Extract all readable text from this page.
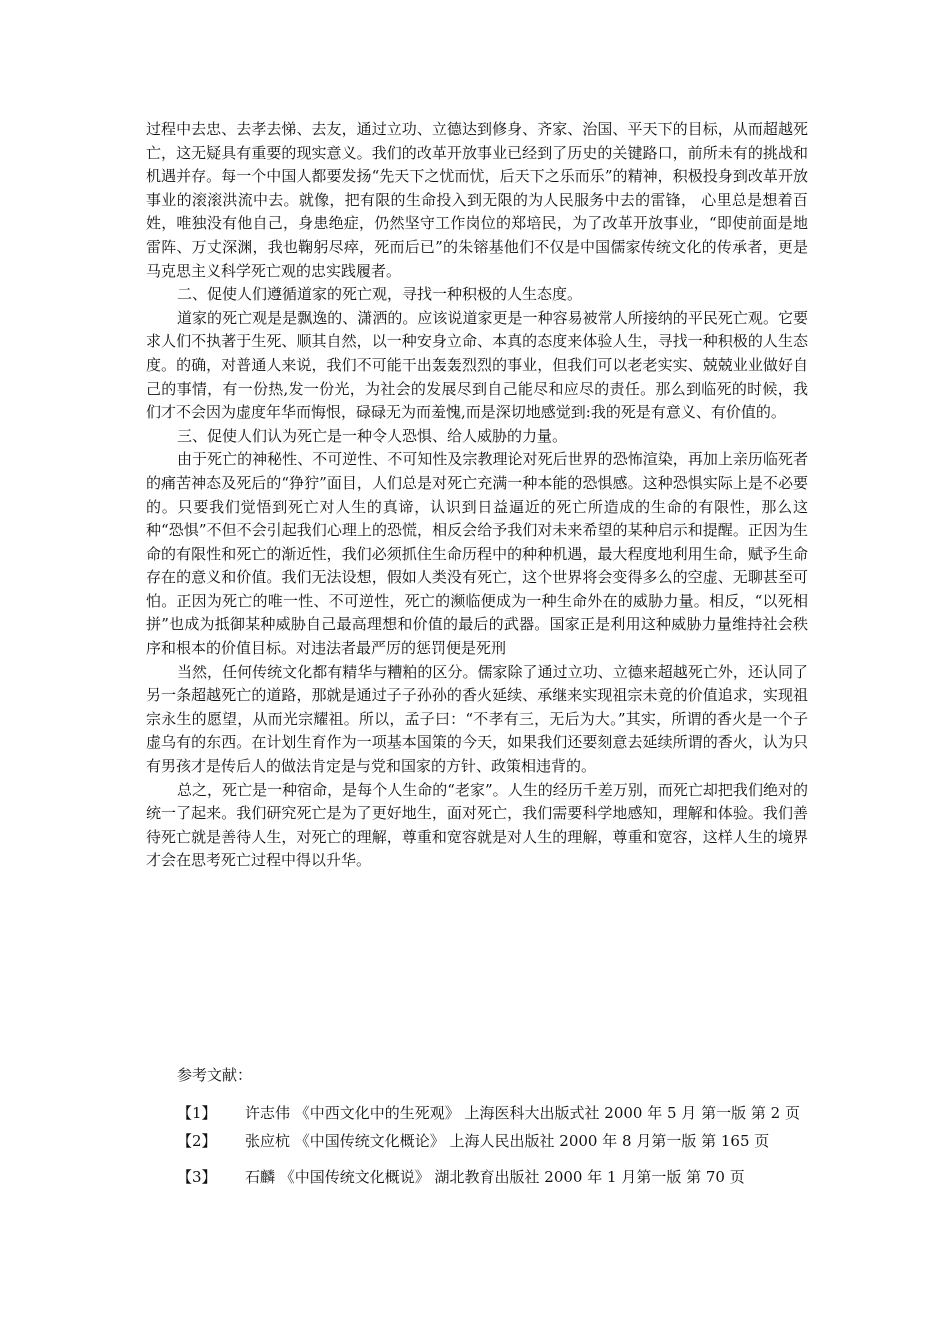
过程中去忠、去孝去悌、去友，通过立功、立德达到修身、齐家、治国、平天下的目标，从而超越死亡，这无疑具有重要的现实意义。我们的改革开放事业已经到了历史的关键路口，前所未有的挑战和机遇并存。每一个中国人都要发扬“先天下之忧而忧，后天下之乐而乐”的精神，积极投身到改革开放事业的滚滚洪流中去。就像，把有限的生命投入到无限的为人民服务中去的雷锋， 心里总是想着百姓，唯独没有他自己，身患绝症，仍然坚守工作岗位的郑培民，为了改革开放事业，“即使前面是地雷阵、万丈深渊，我也鞠躬尽瘁，死而后已”的朱镕基他们不仅是中国儒家传统文化的传承者，更是马克思主义科学死亡观的忠实践履者。

二、促使人们遵循道家的死亡观，寻找一种积极的人生态度。

道家的死亡观是是飘逸的、潇洒的。应该说道家更是一种容易被常人所接纳的平民死亡观。它要求人们不执著于生死、顺其自然，以一种安身立命、本真的态度来体验人生，寻找一种积极的人生态度。的确，对普通人来说，我们不可能干出轰轰烈烈的事业，但我们可以老老实实、兢兢业业做好自己的事情，有一份热,发一份光，为社会的发展尽到自己能尽和应尽的责任。那么到临死的时候，我们才不会因为虚度年华而悔恨，碌碌无为而羞愧,而是深切地感觉到:我的死是有意义、有价值的。

三、促使人们认为死亡是一种令人恐惧、给人威胁的力量。

由于死亡的神秘性、不可逆性、不可知性及宗教理论对死后世界的恐怖渲染，再加上亲历临死者的痛苦神态及死后的“狰狞”面目，人们总是对死亡充满一种本能的恐惧感。这种恐惧实际上是不必要的。只要我们觉悟到死亡对人生的真谛，认识到日益逼近的死亡所造成的生命的有限性，那么这种“恐惧”不但不会引起我们心理上的恐慌，相反会给予我们对未来希望的某种启示和提醒。正因为生命的有限性和死亡的渐近性，我们必须抓住生命历程中的种种机遇，最大程度地利用生命，赋予生命存在的意义和价值。我们无法设想，假如人类没有死亡，这个世界将会变得多么的空虚、无聊甚至可怕。正因为死亡的唯一性、不可逆性，死亡的濒临便成为一种生命外在的威胁力量。相反，“以死相拼”也成为抵御某种威胁自己最高理想和价值的最后的武器。国家正是利用这种威胁力量维持社会秩序和根本的价值目标。对违法者最严厉的惩罚便是死刑

当然，任何传统文化都有精华与糟粕的区分。儒家除了通过立功、立德来超越死亡外，还认同了另一条超越死亡的道路，那就是通过子子孙孙的香火延续、承继来实现祖宗未竟的价值追求，实现祖宗永生的愿望，从而光宗耀祖。所以，孟子曰：“不孝有三，无后为大。”其实，所谓的香火是一个子虚乌有的东西。在计划生育作为一项基本国策的今天，如果我们还要刻意去延续所谓的香火，认为只有男孩才是传后人的做法肯定是与党和国家的方针、政策相违背的。

总之，死亡是一种宿命，是每个人生命的“老家”。人生的经历千差万别，而死亡却把我们绝对的统一了起来。我们研究死亡是为了更好地生，面对死亡，我们需要科学地感知，理解和体验。我们善待死亡就是善待人生，对死亡的理解，尊重和宽容就是对人生的理解，尊重和宽容，这样人生的境界才会在思考死亡过程中得以升华。

参考文献：

【1】	许志伟 《中西文化中的生死观》 上海医科大出版式社 2000 年 5 月 第一版 第 2 页
【2】	张应杭 《中国传统文化概论》 上海人民出版社 2000 年 8 月第一版 第 165 页
【3】	石麟 《中国传统文化概说》 湖北教育出版社 2000 年 1 月第一版 第 70 页
